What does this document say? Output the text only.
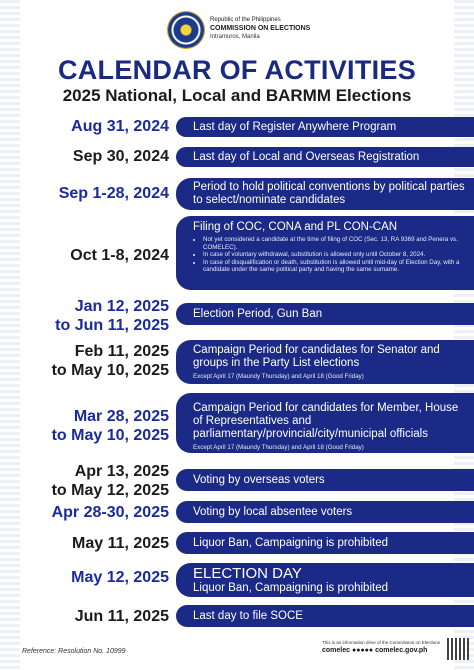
Republic of the Philippines
COMMISSION ON ELECTIONS
Intramuros, Manila
CALENDAR OF ACTIVITIES
2025 National, Local and BARMM Elections
Aug 31, 2024 Last day of Register Anywhere Program
Sep 30, 2024 Last day of Local and Overseas Registration
Sep 1-28, 2024 Period to hold political conventions by political parties to select/nominate candidates
Oct 1-8, 2024
Filing of COC, CONA and PL CON-CAN
• Not yet considered a candidate at the time of filing of COC (Sec. 13, RA 9369 and Penera vs. COMELEC).
• In case of voluntary withdrawal, substitution is allowed only until October 8, 2024.
• In case of disqualification or death, substitution is allowed until mid-day of Election Day, with a candidate under the same political party and having the same surname.
Jan 12, 2025
to Jun 11, 2025
Election Period, Gun Ban
Feb 11, 2025
to May 10, 2025
Campaign Period for candidates for Senator and groups in the Party List elections
Except April 17 (Maundy Thursday) and April 18 (Good Friday)
Mar 28, 2025
to May 10, 2025
Campaign Period for candidates for Member, House of Representatives and parliamentary/provincial/city/municipal officials
Except April 17 (Maundy Thursday) and April 18 (Good Friday)
Apr 13, 2025
to May 12, 2025
Voting by overseas voters
Apr 28-30, 2025 Voting by local absentee voters
May 11, 2025 Liquor Ban, Campaigning is prohibited
May 12, 2025 ELECTION DAY
Liquor Ban, Campaigning is prohibited
Jun 11, 2025 Last day to file SOCE
Reference: Resolution No. 10999
This is an information drive of the Commission on Elections
comelec ●●●●● comelec.gov.ph
